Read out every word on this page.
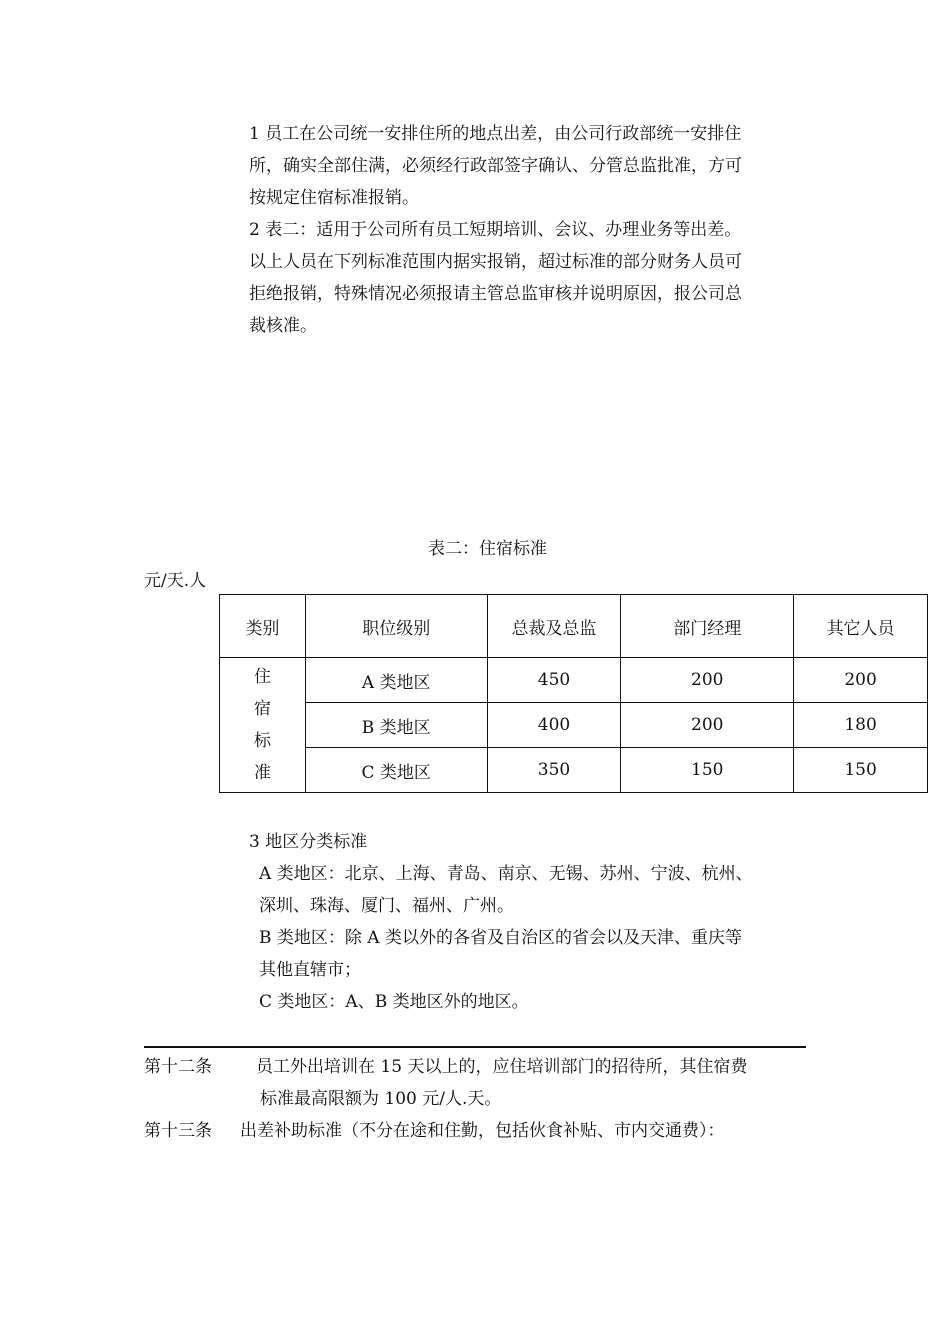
1 员工在公司统一安排住所的地点出差，由公司行政部统一安排住
所，确实全部住满，必须经行政部签字确认、分管总监批准，方可
按规定住宿标准报销。
2 表二：适用于公司所有员工短期培训、会议、办理业务等出差。
以上人员在下列标准范围内据实报销，超过标准的部分财务人员可
拒绝报销，特殊情况必须报请主管总监审核并说明原因，报公司总
裁核准。
表二：住宿标准
元/天.人
类别	职位级别	总裁及总监	部门经理	其它人员

住
宿
标
准	A 类地区	450	200	200
	B 类地区	400	200	180
	C 类地区	350	150	150
3 地区分类标准
A 类地区：北京、上海、青岛、南京、无锡、苏州、宁波、杭州、
深圳、珠海、厦门、福州、广州。
B 类地区：除 A 类以外的各省及自治区的省会以及天津、重庆等
其他直辖市；
C 类地区：A、B 类地区外的地区。
第十二条	员工外出培训在 15 天以上的，应住培训部门的招待所，其住宿费
标准最高限额为 100 元/人.天。
第十三条 出差补助标准（不分在途和住勤，包括伙食补贴、市内交通费）：
